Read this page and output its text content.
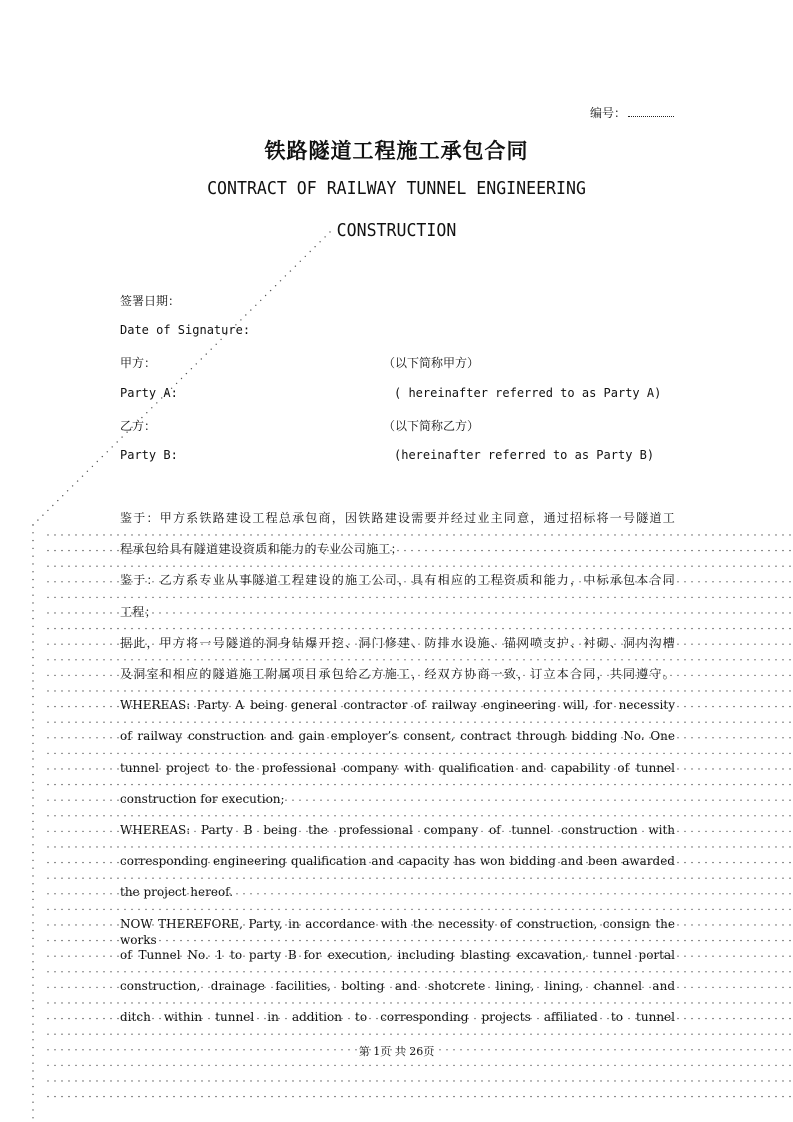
编号：
铁路隧道工程施工承包合同
CONTRACT OF RAILWAY TUNNEL ENGINEERING
CONSTRUCTION
签署日期：
Date of Signature:
甲方：	（以下简称甲方）
Party A:	( hereinafter referred to as Party A)
乙方：	（以下简称乙方）
Party B:	(hereinafter referred to as Party B)
鉴于：甲方系铁路建设工程总承包商，因铁路建设需要并经过业主同意，通过招标将一号隧道工
程承包给具有隧道建设资质和能力的专业公司施工；
鉴于：乙方系专业从事隧道工程建设的施工公司，具有相应的工程资质和能力，中标承包本合同
工程；
据此，甲方将一号隧道的洞身钻爆开挖、洞门修建、防排水设施、锚网喷支护、衬砌、洞内沟槽
及洞室和相应的隧道施工附属项目承包给乙方施工，经双方协商一致，订立本合同，共同遵守。
WHEREAS: Party A being general contractor of railway engineering will, for necessity
of railway construction and gain employer’s consent, contract through bidding No. One
tunnel project to the professional company with qualification and capability of tunnel
construction for execution;
WHEREAS: Party B being the professional company of tunnel construction with
corresponding engineering qualification and capacity has won bidding and been awarded
the project hereof.
NOW THEREFORE, Party, in accordance with the necessity of construction, consign the works
of Tunnel No. 1 to party B for execution, including blasting excavation, tunnel portal
construction, drainage facilities, bolting and shotcrete lining, lining, channel and
ditch within tunnel in addition to corresponding projects affiliated to tunnel
第 1页 共 26页
